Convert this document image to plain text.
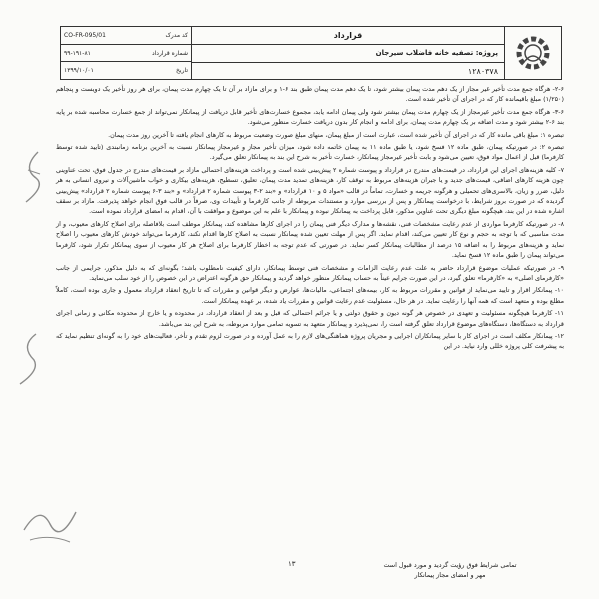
کد مدرک
CO-FR-095/01
شماره قرارداد
۹۹-۱۹۱-۸۱
تاریخ
۱۳۹۹/۱۰/۰۱
قرارداد
پروژه: تصفیه خانه فاضلاب سیرجان
۱۲۸۰۳۷۸

۲-۶- هرگاه جمع مدت تأخیر غیر مجاز از یک دهم مدت پیمان بیشتر شود، تا یک دهم مدت پیمان طبق بند ۶-۱ و برای مازاد بر آن تا یک چهارم مدت پیمان، برای هر روز تأخیر یک دویست و پنجاهم (۱/۲۵۰) مبلغ باقیمانده کار که در اجرای آن تأخیر شده است.

۳-۶- هرگاه جمع مدت تأخیر غیرمجاز از یک چهارم مدت پیمان بیشتر شود ولی پیمان ادامه یابد، مجموع خسارت‌های تأخیر قابل دریافت از پیمانکار نمی‌تواند از جمع خسارت محاسبه شده بر پایه بند ۶-۲ بیشتر شود و مدت اضافه بر یک چهارم مدت پیمان، برای ادامه و انجام کار بدون دریافت خسارت منظور می‌شود.

تبصره ۱: مبلغ باقی مانده کار که در اجرای آن تأخیر شده است، عبارت است از مبلغ پیمان، منهای مبلغ صورت وضعیت مربوط به کارهای انجام یافته تا آخرین روز مدت پیمان.

تبصره ۲: در صورتیکه پیمان، طبق ماده ۱۲ فسخ شود، یا طبق ماده ۱۱ به پیمان خاتمه داده شود، میزان تأخیر مجاز و غیرمجاز پیمانکار نسبت به آخرین برنامه زمانبندی (تایید شده توسط کارفرما) قبل از اعمال مواد فوق، تعیین می‌شود و بابت تأخیر غیرمجاز پیمانکار، خسارت تأخیر به شرح این بند به پیمانکار تعلق می‌گیرد.

۷- کلیه هزینه‌های اجرای این قرارداد، در قیمت‌های مندرج در قرارداد و پیوست شماره ۲ پیش‌بینی شده است و پرداخت هزینه‌های احتمالی مازاد بر قیمت‌های مندرج در جدول فوق، تحت عناوینی چون هزینه کارهای اضافی، قیمت‌های جدید و یا جبران هزینه‌های مربوط به توقف کار، هزینه‌های تمدید مدت پیمان، تعلیق، تسطیح، هزینه‌های بیکاری و خواب ماشین‌آلات و نیروی انسانی به هر دلیل، ضرر و زیان، بالاسری‌های تحمیلی و هرگونه جریمه و خسارت، تماماً در قالب «مواد ۵ و ۱۰ قرارداد» و «بند ۲-۳ پیوست شماره ۲ قرارداد» و «بند ۳-۶ پیوست شماره ۲ قرارداد» پیش‌بینی گردیده که در صورت بروز شرایط، با درخواست پیمانکار و پس از بررسی موارد و مستندات مربوطه از جانب کارفرما و تأییدات وی، صرفاً در قالب فوق انجام خواهد پذیرفت. مازاد بر سقف اشاره شده در این بند، هیچگونه مبلغ دیگری تحت عناوین مذکور، قابل پرداخت به پیمانکار نبوده و پیمانکار با علم به این موضوع و موافقت با آن، اقدام به امضای قرارداد نموده است.

۸- در صورتیکه کارفرما مواردی از عدم رعایت مشخصات فنی، نقشه‌ها و مدارک دیگر فنی پیمان را در اجرای کارها مشاهده کند، پیمانکار موظف است بلافاصله برای اصلاح کارهای معیوب، و از مدت مناسبی که با توجه به حجم و نوع کار تعیین می‌کند، اقدام نماید. اگر پس از مهلت تعیین شده پیمانکار نسبت به اصلاح کارها اقدام نکند، کارفرما می‌تواند خودش کارهای معیوب را اصلاح نماید و هزینه‌های مربوط را به اضافه ۱۵ درصد از مطالبات پیمانکار کسر نماید. در صورتی که عدم توجه به اخطار کارفرما برای اصلاح هر کار معیوب از سوی پیمانکار تکرار شود، کارفرما می‌تواند پیمان را طبق ماده ۱۲ فسخ نماید.

۹- در صورتیکه عملیات موضوع قرارداد حاضر به علت عدم رعایت الزامات و مشخصات فنی توسط پیمانکار، دارای کیفیت نامطلوب باشد؛ بگونه‌ای که به دلیل مذکور، جرایمی از جانب «کارفرمای اصلی» به «کارفرما» تعلق گیرد، در این صورت جرایم عیناً به حساب پیمانکار منظور خواهد گردید و پیمانکار حق هرگونه اعتراض در این خصوص را از خود سلب می‌نماید.

۱۰- پیمانکار اقرار و تایید می‌نماید از قوانین و مقررات مربوط به کار، بیمه‌های اجتماعی، مالیات‌ها، عوارض و دیگر قوانین و مقررات که تا تاریخ انعقاد قرارداد معمول و جاری بوده است، کاملاً مطلع بوده و متعهد است که همه آنها را رعایت نماید. در هر حال، مسئولیت عدم رعایت قوانین و مقررات یاد شده، بر عهده پیمانکار است.

۱۱- کارفرما هیچگونه مسئولیت و تعهدی در خصوص هر گونه دیون و حقوق دولتی و یا جرائم احتمالی که قبل و بعد از انعقاد قرارداد، در محدوده و یا خارج از محدوده مکانی و زمانی اجرای قرارداد به دستگاه‌ها، دستگاه‌های موضوع قرارداد تعلق گرفته است را، نمی‌پذیرد و پیمانکار متعهد به تسویه تمامی موارد مربوطه، به شرح این بند می‌باشد.

۱۲- پیمانکار مکلف است در اجرای کار با سایر پیمانکاران اجرایی و مجریان پروژه هماهنگی‌های لازم را به عمل آورده و در صورت لزوم تقدم و تأخر، فعالیت‌های خود را به گونه‌ای تنظیم نماید که به پیشرفت کلی پروژه خللی وارد نیاید. در این

۱۳	تمامی شرایط فوق رؤیت گردید و مورد قبول است
مهر و امضای مجاز پیمانکار
